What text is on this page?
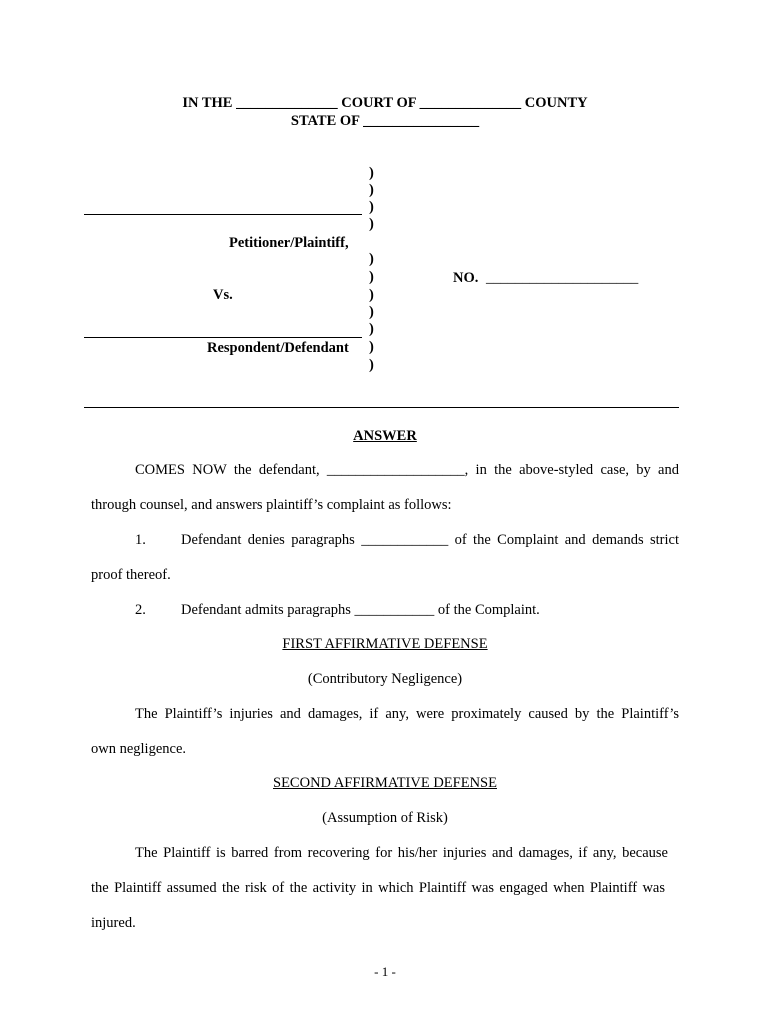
IN THE ______________ COURT OF ______________ COUNTY
STATE OF ________________
)
)
)
)
)
)
)
)
)
)
)
Petitioner/Plaintiff,
Vs.
Respondent/Defendant
NO. _____________________
ANSWER
COMES NOW the defendant, ___________________, in the above-styled case, by and
through counsel, and answers plaintiff’s complaint as follows:
1. Defendant denies paragraphs ____________ of the Complaint and demands strict
proof thereof.
2. Defendant admits paragraphs ___________ of the Complaint.
FIRST AFFIRMATIVE DEFENSE
(Contributory Negligence)
The Plaintiff’s injuries and damages, if any, were proximately caused by the Plaintiff’s
own negligence.
SECOND AFFIRMATIVE DEFENSE
(Assumption of Risk)
The Plaintiff is barred from recovering for his/her injuries and damages, if any, because
the Plaintiff assumed the risk of the activity in which Plaintiff was engaged when Plaintiff was
injured.
- 1 -
